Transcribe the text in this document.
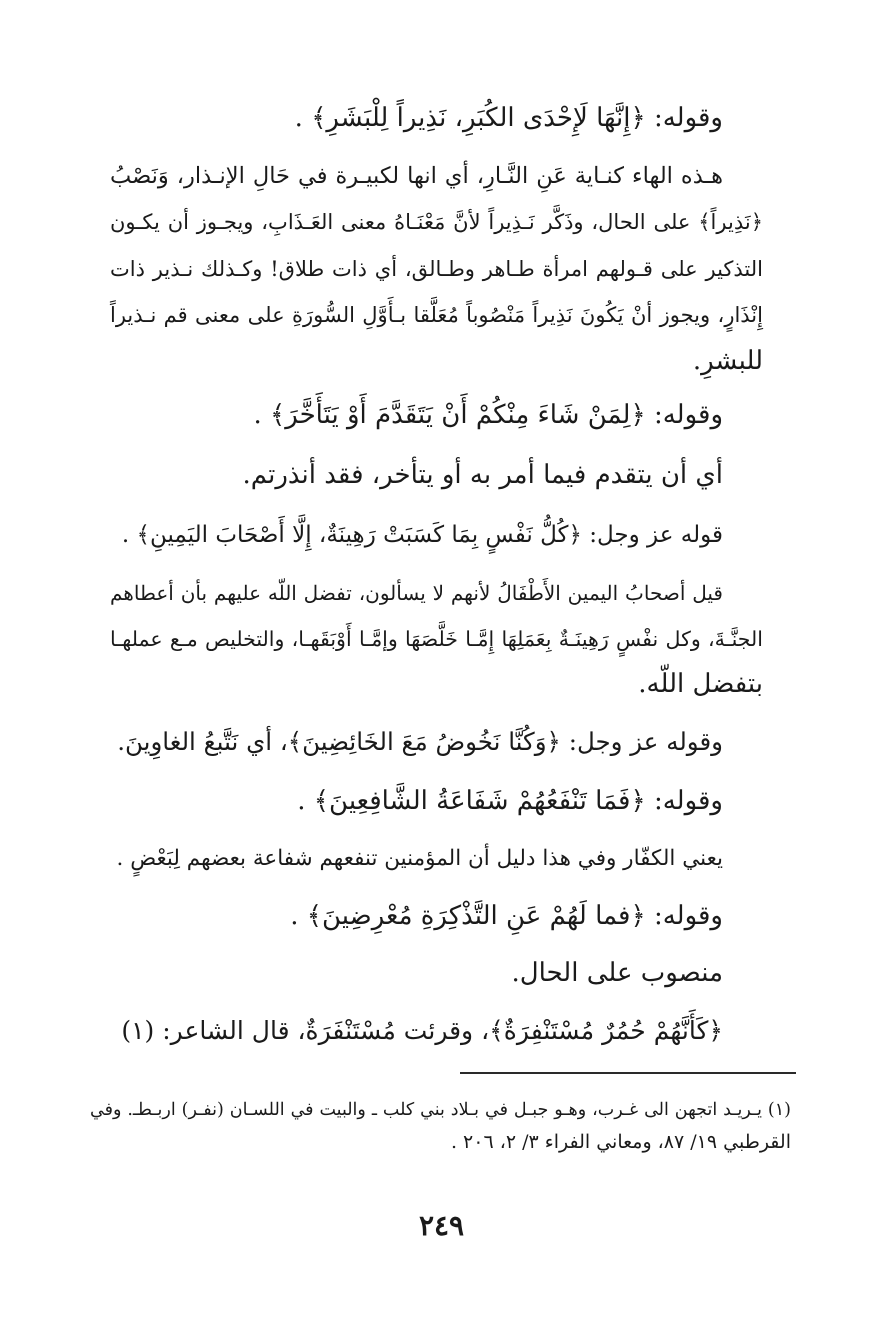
وقوله: ﴿إِنَّهَا لَإِحْدَى الكُبَرِ، نَذِيراً لِلْبَشَرِ﴾ .
هـذه الهاء كنـاية عَنِ النَّـارِ، أي انها لكبيـرة في حَالِ الإنـذار، وَنَصْبُ
﴿نَذِيراً﴾ على الحال، وذَكَّر نَـذِيراً لأنَّ مَعْنَـاهُ معنى العَـذَابِ، ويجـوز أن يكـون
التذكير على قـولهم امرأة طـاهر وطـالق، أي ذات طلاق! وكـذلك نـذير ذات
إِنْذَارٍ، ويجوز أنْ يَكُونَ نَذِيراً مَنْصُوباً مُعَلَّقا بـأَوَّلِ السُّورَةِ على معنى قم نـذيراً
للبشرِ.
وقوله: ﴿لِمَنْ شَاءَ مِنْكُمْ أَنْ يَتَقَدَّمَ أَوْ يَتَأَخَّرَ﴾ .
أي أن يتقدم فيما أمر به أو يتأخر، فقد أنذرتم.
قوله عز وجل: ﴿كُلُّ نَفْسٍ بِمَا كَسَبَتْ رَهِينَةٌ، إِلَّا أَصْحَابَ اليَمِينِ﴾ .
قيل أصحابُ اليمين الأَطْفَالُ لأنهم لا يسألون، تفضل اللّه عليهم بأن أعطاهم
الجنَّـةَ، وكل نفْسٍ رَهِينَـةٌ بِعَمَلِهَا إِمَّـا خَلَّصَهَا وإمَّـا أَوْبَقَهـا، والتخليص مـع عملهـا
بتفضل اللّه.
وقوله عز وجل: ﴿وَكُنَّا نَخُوضُ مَعَ الخَائِضِينَ﴾، أي نَتَّبعُ الغاوِينَ.
وقوله: ﴿فَمَا تَنْفَعُهُمْ شَفَاعَةُ الشَّافِعِينَ﴾ .
يعني الكفّار وفي هذا دليل أن المؤمنين تنفعهم شفاعة بعضهم لِبَعْضٍ .
وقوله: ﴿فما لَهُمْ عَنِ التَّذْكِرَةِ مُعْرِضِينَ﴾ .
منصوب على الحال.
﴿كَأَنَّهُمْ حُمُرٌ مُسْتَنْفِرَةٌ﴾، وقرئت مُسْتَنْفَرَةٌ، قال الشاعر: (١)
(١) يـريـد اتجهن الى غـرب، وهـو جبـل في بـلاد بني كلب ـ والبيت في اللسـان (نفـر) اربـطـ. وفي
القرطبي ١٩/ ٨٧، ومعاني الفراء ٣/ ٢، ٢٠٦ .
٢٤٩
